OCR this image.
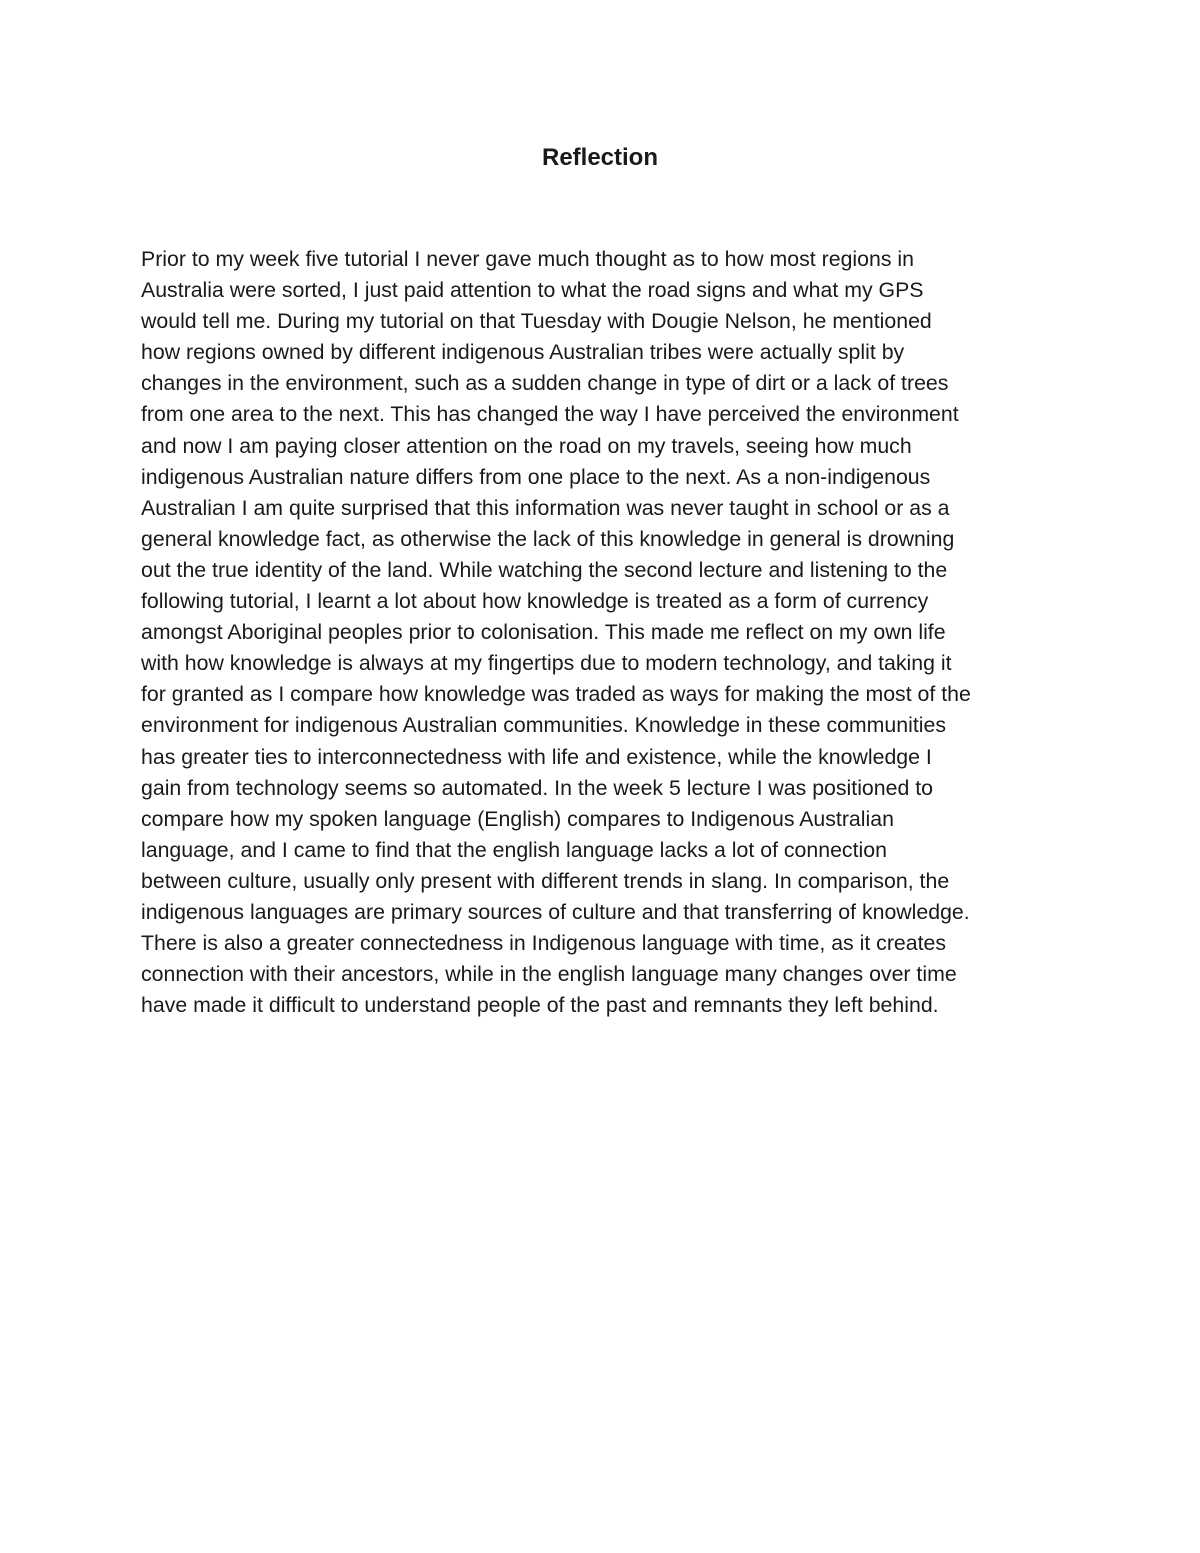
Reflection
Prior to my week five tutorial I never gave much thought as to how most regions in
Australia were sorted, I just paid attention to what the road signs and what my GPS
would tell me. During my tutorial on that Tuesday with Dougie Nelson, he mentioned
how regions owned by different indigenous Australian tribes were actually split by
changes in the environment, such as a sudden change in type of dirt or a lack of trees
from one area to the next. This has changed the way I have perceived the environment
and now I am paying closer attention on the road on my travels, seeing how much
indigenous Australian nature differs from one place to the next. As a non-indigenous
Australian I am quite surprised that this information was never taught in school or as a
general knowledge fact, as otherwise the lack of this knowledge in general is drowning
out the true identity of the land. While watching the second lecture and listening to the
following tutorial, I learnt a lot about how knowledge is treated as a form of currency
amongst Aboriginal peoples prior to colonisation. This made me reflect on my own life
with how knowledge is always at my fingertips due to modern technology, and taking it
for granted as I compare how knowledge was traded as ways for making the most of the
environment for indigenous Australian communities. Knowledge in these communities
has greater ties to interconnectedness with life and existence, while the knowledge I
gain from technology seems so automated. In the week 5 lecture I was positioned to
compare how my spoken language (English) compares to Indigenous Australian
language, and I came to find that the english language lacks a lot of connection
between culture, usually only present with different trends in slang. In comparison, the
indigenous languages are primary sources of culture and that transferring of knowledge.
There is also a greater connectedness in Indigenous language with time, as it creates
connection with their ancestors, while in the english language many changes over time
have made it difficult to understand people of the past and remnants they left behind.
